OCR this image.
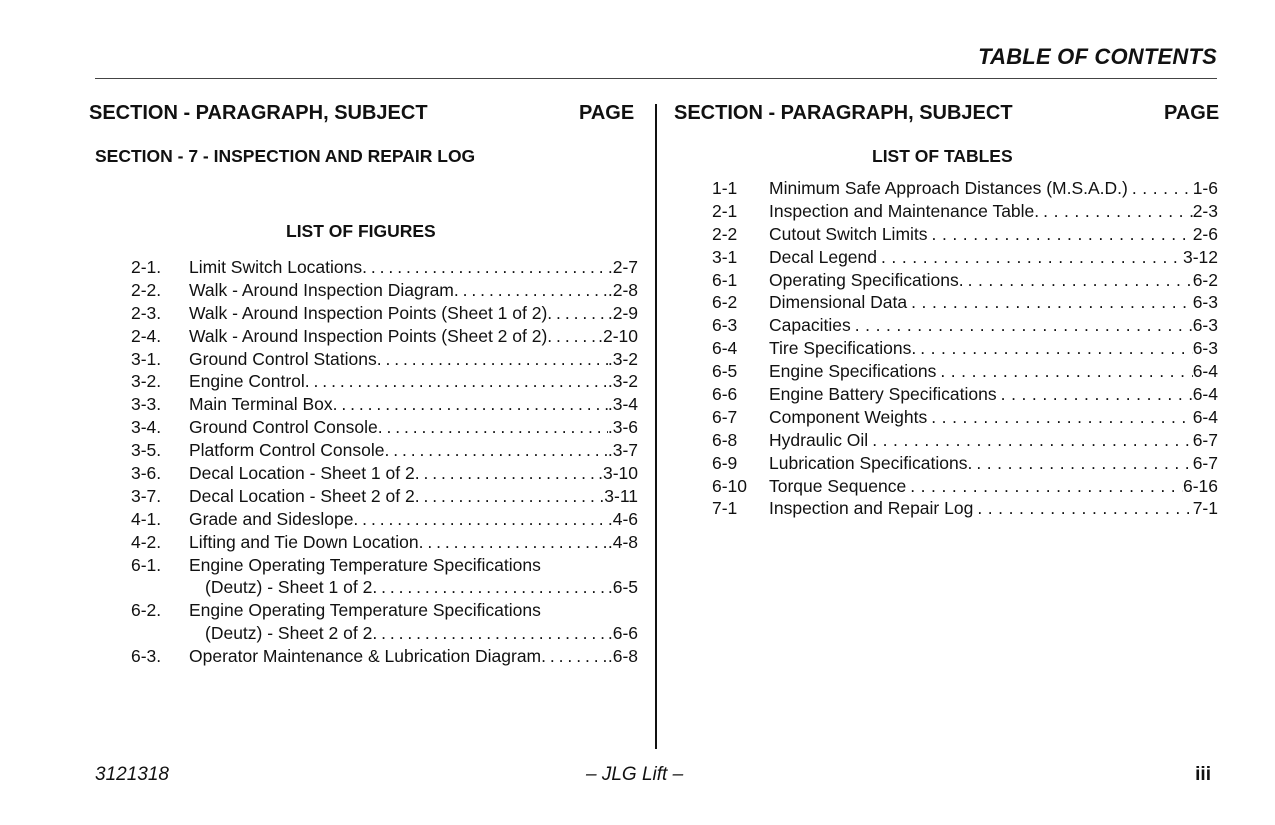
TABLE OF CONTENTS
SECTION - PARAGRAPH, SUBJECT	PAGE SECTION - PARAGRAPH, SUBJECT	PAGE
SECTION - 7 - INSPECTION AND REPAIR LOG
LIST OF FIGURES
LIST OF TABLES
2-1. Limit Switch Locations .....	.2-7
2-2. Walk - Around Inspection Diagram .....	.2-8
2-3. Walk - Around Inspection Points (Sheet 1 of 2) .....	.2-9
2-4. Walk - Around Inspection Points (Sheet 2 of 2) .....	.2-10
3-1. Ground Control Stations .....	.3-2
3-2. Engine Control .....	.3-2
3-3. Main Terminal Box .....	.3-4
3-4. Ground Control Console .....	.3-6
3-5. Platform Control Console .....	.3-7
3-6. Decal Location - Sheet 1 of 2 .....	.3-10
3-7. Decal Location - Sheet 2 of 2 .....	.3-11
4-1. Grade and Sideslope .....	.4-6
4-2. Lifting and Tie Down Location .....	.4-8
6-1. Engine Operating Temperature Specifications
(Deutz) - Sheet 1 of 2 .....	.6-5
6-2. Engine Operating Temperature Specifications
(Deutz) - Sheet 2 of 2 .....	.6-6
6-3. Operator Maintenance & Lubrication Diagram .....	.6-8
1-1 Minimum Safe Approach Distances (M.S.A.D.) . . .	1-6
2-1 Inspection and Maintenance Table. . . .	2-3
2-2 Cutout Switch Limits . . .	2-6
3-1 Decal Legend . . .	3-12
6-1 Operating Specifications. . . .	6-2
6-2 Dimensional Data . . .	6-3
6-3 Capacities . . .	6-3
6-4 Tire Specifications. . . .	6-3
6-5 Engine Specifications . . .	6-4
6-6 Engine Battery Specifications . . .	6-4
6-7 Component Weights . . .	6-4
6-8 Hydraulic Oil . . .	6-7
6-9 Lubrication Specifications. . . .	6-7
6-10 Torque Sequence . . .	6-16
7-1 Inspection and Repair Log . . .	7-1
3121318	– JLG Lift –	iii
